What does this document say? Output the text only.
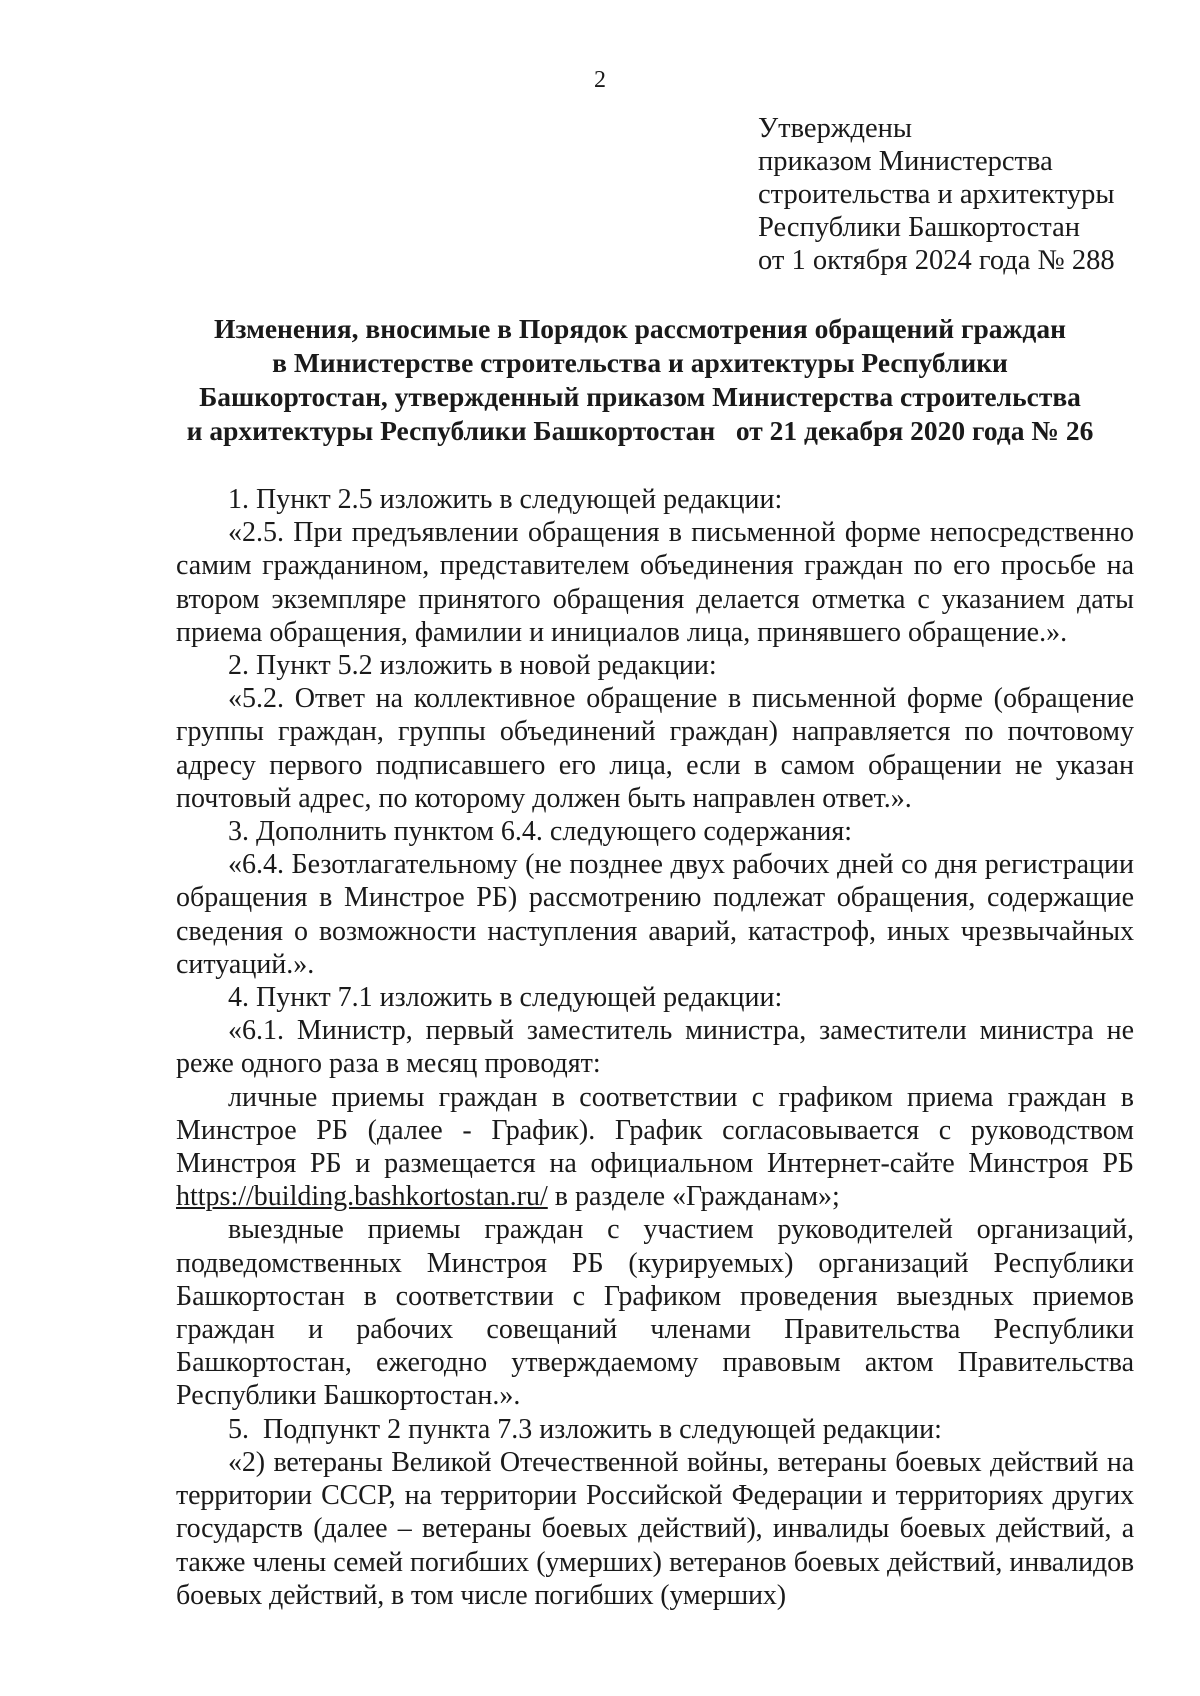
2
Утверждены
приказом Министерства
строительства и архитектуры
Республики Башкортостан
от 1 октября 2024 года № 288
Изменения, вносимые в Порядок рассмотрения обращений граждан
в Министерстве строительства и архитектуры Республики
Башкортостан, утвержденный приказом Министерства строительства
и архитектуры Республики Башкортостан   от 21 декабря 2020 года № 26

1. Пункт 2.5 изложить в следующей редакции:

«2.5. При предъявлении обращения в письменной форме непосредственно самим гражданином, представителем объединения граждан по его просьбе на втором экземпляре принятого обращения делается отметка с указанием даты приема обращения, фамилии и инициалов лица, принявшего обращение.».

2. Пункт 5.2 изложить в новой редакции:

«5.2. Ответ на коллективное обращение в письменной форме (обращение группы граждан, группы объединений граждан) направляется по почтовому адресу первого подписавшего его лица, если в самом обращении не указан почтовый адрес, по которому должен быть направлен ответ.».

3. Дополнить пунктом 6.4. следующего содержания:

«6.4. Безотлагательному (не позднее двух рабочих дней со дня регистрации обращения в Минстрое РБ) рассмотрению подлежат обращения, содержащие сведения о возможности наступления аварий, катастроф, иных чрезвычайных ситуаций.».

4. Пункт 7.1 изложить в следующей редакции:

«6.1. Министр, первый заместитель министра, заместители министра не реже одного раза в месяц проводят:

личные приемы граждан в соответствии с графиком приема граждан в Минстрое РБ (далее - График). График согласовывается с руководством Минстроя РБ и размещается на официальном Интернет-сайте Минстроя РБ https://building.bashkortostan.ru/ в разделе «Гражданам»;

выездные приемы граждан с участием руководителей организаций, подведомственных Минстроя РБ (курируемых) организаций Республики Башкортостан в соответствии с Графиком проведения выездных приемов граждан и рабочих совещаний членами Правительства Республики Башкортостан, ежегодно утверждаемому правовым актом Правительства Республики Башкортостан.».

5.  Подпункт 2 пункта 7.3 изложить в следующей редакции:

«2) ветераны Великой Отечественной войны, ветераны боевых действий на территории СССР, на территории Российской Федерации и территориях других государств (далее – ветераны боевых действий), инвалиды боевых действий, а также члены семей погибших (умерших) ветеранов боевых действий, инвалидов боевых действий, в том числе погибших (умерших)
